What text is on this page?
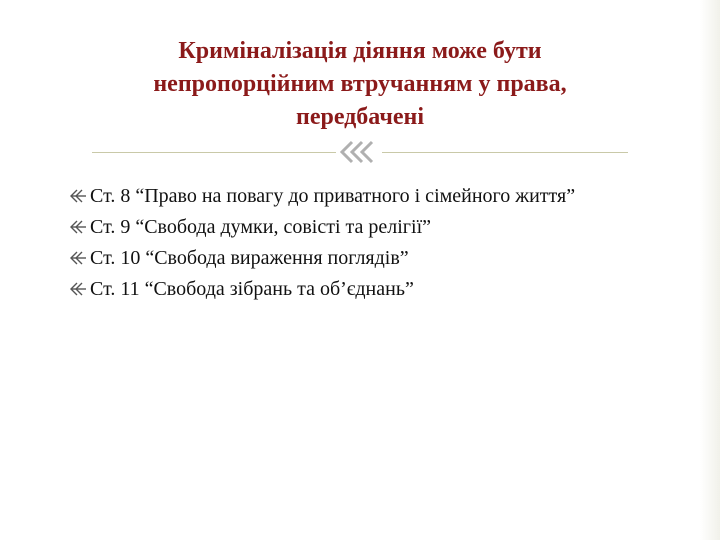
Криміналізація діяння може бути
непропорційним втручанням у права,
передбачені
Ст. 8 “Право на повагу до приватного і сімейного життя”
Ст. 9 “Свобода думки, совісті та релігії”
Ст. 10 “Свобода вираження поглядів”
Ст. 11 “Свобода зібрань та об’єднань”
